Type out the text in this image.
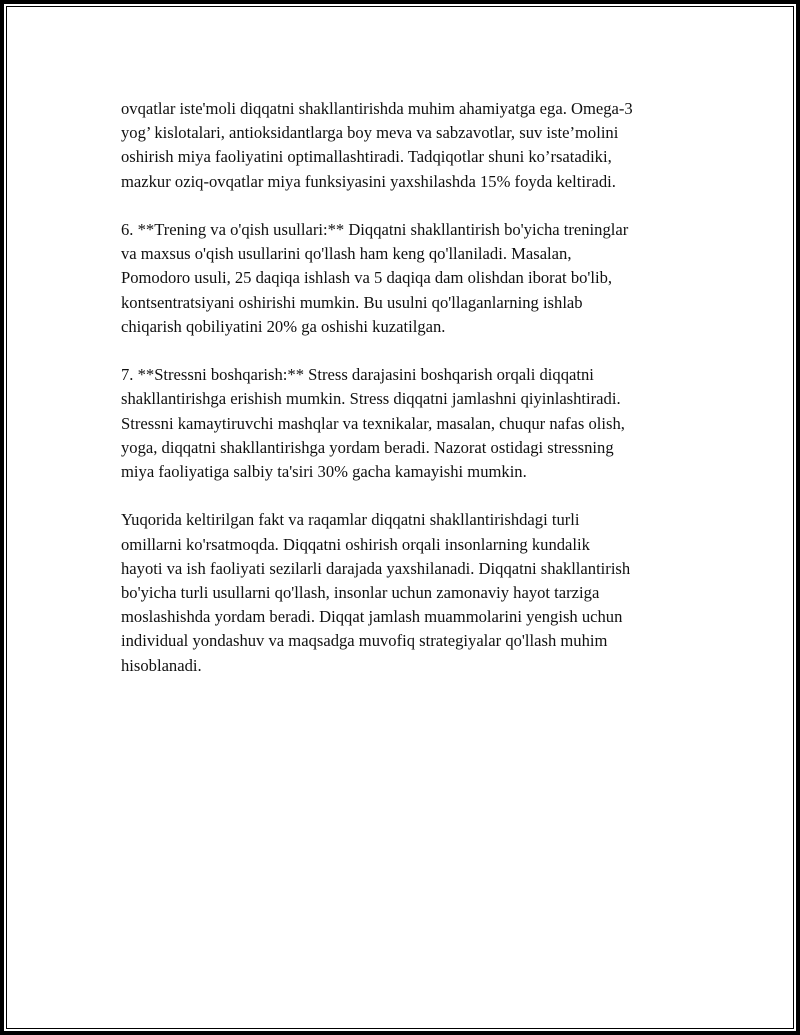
ovqatlar iste'moli diqqatni shakllantirishda muhim ahamiyatga ega. Omega-3
yog’ kislotalari, antioksidantlarga boy meva va sabzavotlar, suv iste’molini
oshirish miya faoliyatini optimallashtiradi. Tadqiqotlar shuni ko’rsatadiki,
mazkur oziq-ovqatlar miya funksiyasini yaxshilashda 15% foyda keltiradi.

6. **Trening va o'qish usullari:** Diqqatni shakllantirish bo'yicha treninglar
va maxsus o'qish usullarini qo'llash ham keng qo'llaniladi. Masalan,
Pomodoro usuli, 25 daqiqa ishlash va 5 daqiqa dam olishdan iborat bo'lib,
kontsentratsiyani oshirishi mumkin. Bu usulni qo'llaganlarning ishlab
chiqarish qobiliyatini 20% ga oshishi kuzatilgan.

7. **Stressni boshqarish:** Stress darajasini boshqarish orqali diqqatni
shakllantirishga erishish mumkin. Stress diqqatni jamlashni qiyinlashtiradi.
Stressni kamaytiruvchi mashqlar va texnikalar, masalan, chuqur nafas olish,
yoga, diqqatni shakllantirishga yordam beradi. Nazorat ostidagi stressning
miya faoliyatiga salbiy ta'siri 30% gacha kamayishi mumkin.

Yuqorida keltirilgan fakt va raqamlar diqqatni shakllantirishdagi turli
omillarni ko'rsatmoqda. Diqqatni oshirish orqali insonlarning kundalik
hayoti va ish faoliyati sezilarli darajada yaxshilanadi. Diqqatni shakllantirish
bo'yicha turli usullarni qo'llash, insonlar uchun zamonaviy hayot tarziga
moslashishda yordam beradi. Diqqat jamlash muammolarini yengish uchun
individual yondashuv va maqsadga muvofiq strategiyalar qo'llash muhim
hisoblanadi.
